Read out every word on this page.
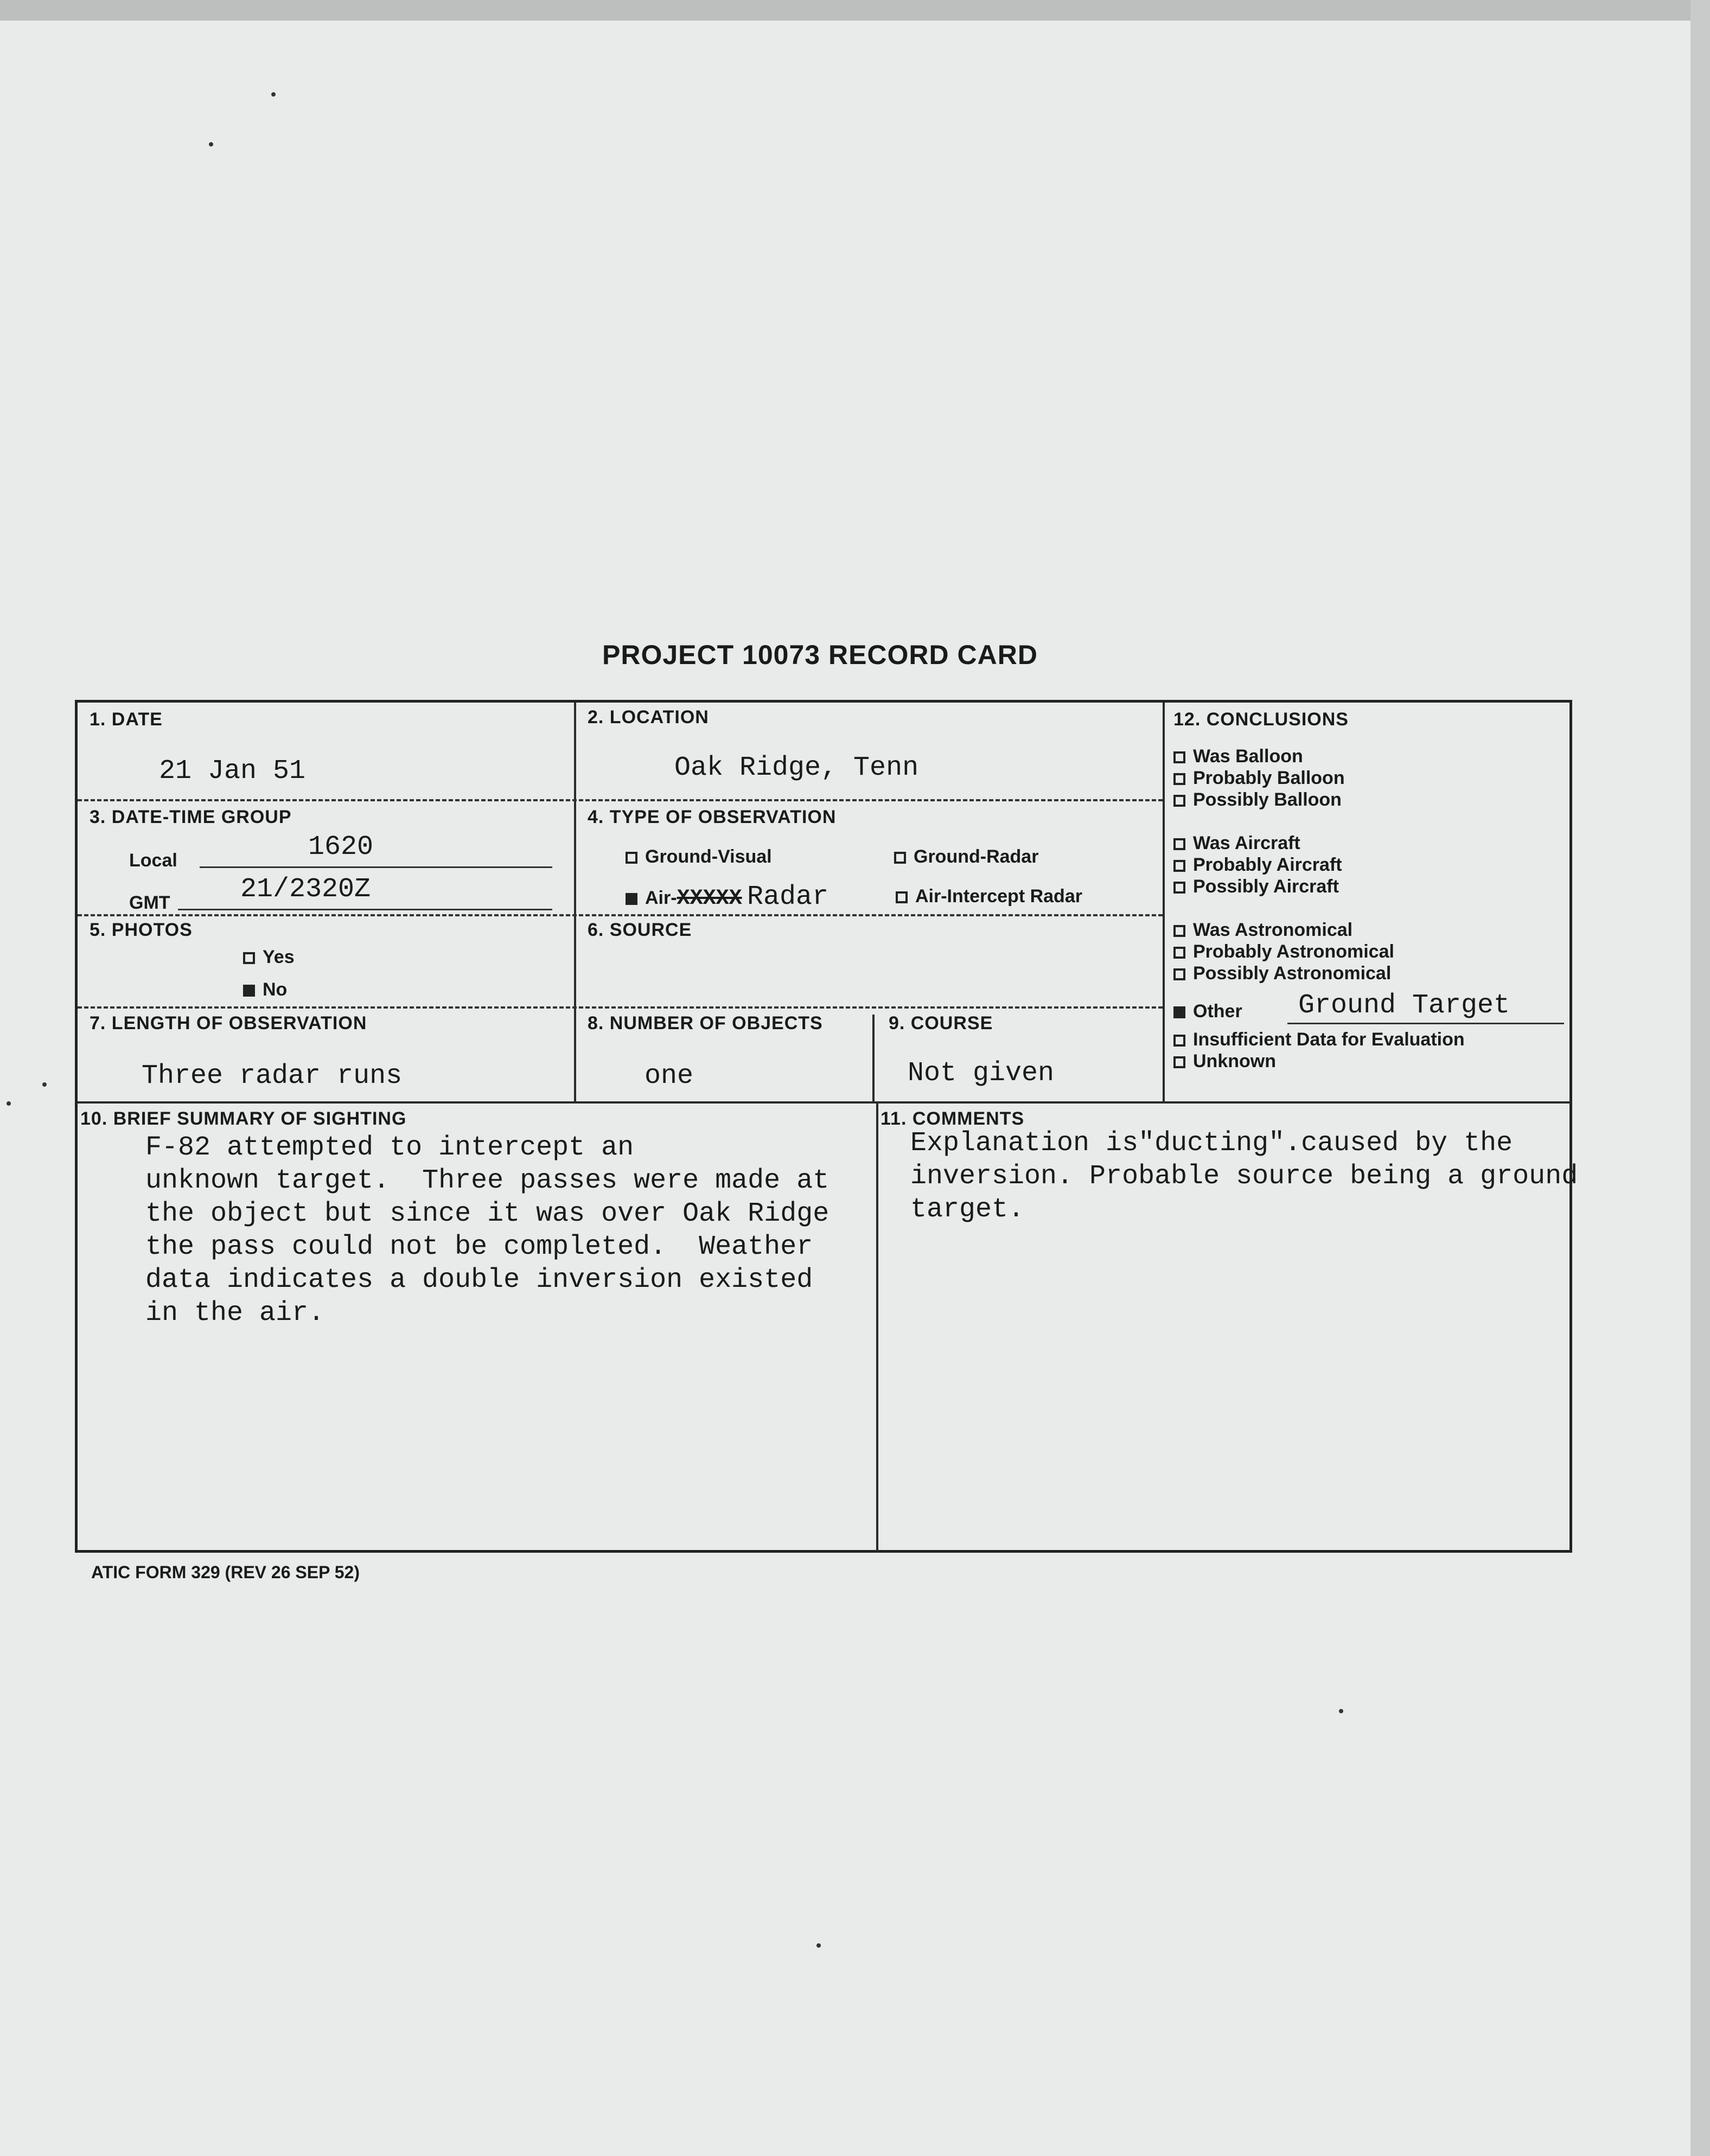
PROJECT 10073 RECORD CARD
1. DATE
21 Jan 51
2. LOCATION
Oak Ridge, Tenn
3. DATE-TIME GROUP
Local	1620
GMT	21/2320Z
4. TYPE OF OBSERVATION
Ground-Visual	Ground-Radar
Air-XXXXX Radar	Air-Intercept Radar
5. PHOTOS
Yes
No
6. SOURCE
7. LENGTH OF OBSERVATION
Three radar runs
8. NUMBER OF OBJECTS
one
9. COURSE
Not given
12. CONCLUSIONS
Was Balloon
Probably Balloon
Possibly Balloon
Was Aircraft
Probably Aircraft
Possibly Aircraft
Was Astronomical
Probably Astronomical
Possibly Astronomical
Other Ground Target
Insufficient Data for Evaluation
Unknown
10. BRIEF SUMMARY OF SIGHTING
F-82 attempted to intercept an
unknown target.  Three passes were made at
the object but since it was over Oak Ridge
the pass could not be completed.  Weather
data indicates a double inversion existed
in the air.
11. COMMENTS
Explanation is"ducting".caused by the
inversion. Probable source being a ground
target.
ATIC FORM 329 (REV 26 SEP 52)
